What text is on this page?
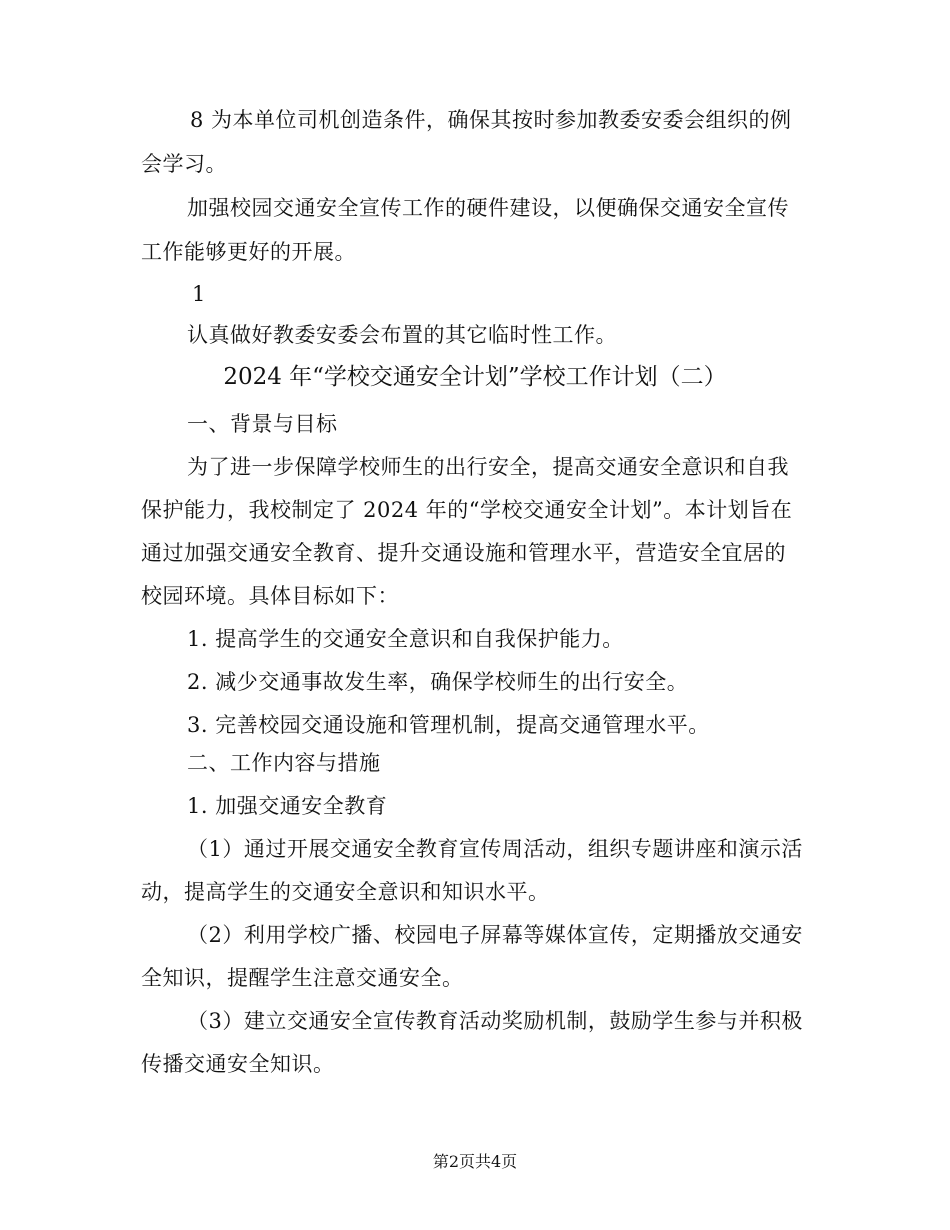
8 为本单位司机创造条件，确保其按时参加教委安委会组织的例
会学习。
加强校园交通安全宣传工作的硬件建设，以便确保交通安全宣传
工作能够更好的开展。
1
认真做好教委安委会布置的其它临时性工作。
2024 年“学校交通安全计划”学校工作计划（二）
一、背景与目标
为了进一步保障学校师生的出行安全，提高交通安全意识和自我
保护能力，我校制定了 2024 年的“学校交通安全计划”。本计划旨在
通过加强交通安全教育、提升交通设施和管理水平，营造安全宜居的
校园环境。具体目标如下：
1. 提高学生的交通安全意识和自我保护能力。
2. 减少交通事故发生率，确保学校师生的出行安全。
3. 完善校园交通设施和管理机制，提高交通管理水平。
二、工作内容与措施
1. 加强交通安全教育
（1）通过开展交通安全教育宣传周活动，组织专题讲座和演示活
动，提高学生的交通安全意识和知识水平。
（2）利用学校广播、校园电子屏幕等媒体宣传，定期播放交通安
全知识，提醒学生注意交通安全。
（3）建立交通安全宣传教育活动奖励机制，鼓励学生参与并积极
传播交通安全知识。
第2页共4页
